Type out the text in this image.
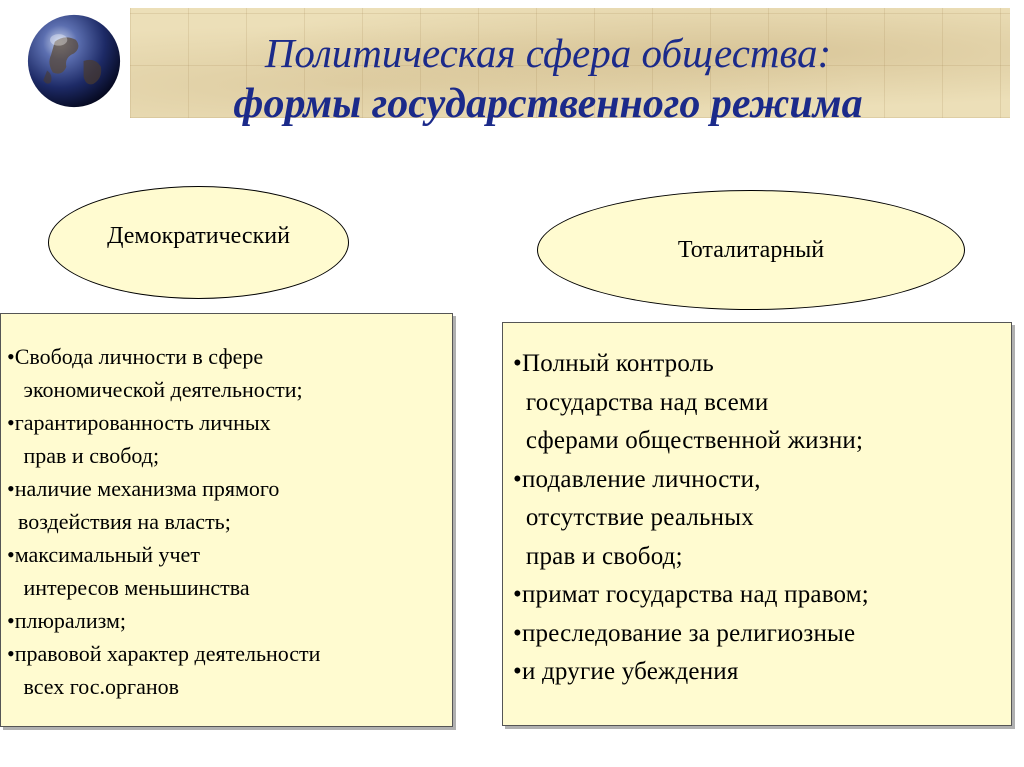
Политическая сфера общества:
формы государственного режима
Демократический
Тоталитарный
•Свобода личности в сфере
экономической деятельности;
•гарантированность личных
прав и свобод;
•наличие механизма прямого
воздействия на власть;
•максимальный учет
интересов меньшинства
•плюрализм;
•правовой характер деятельности
всех гос.органов
•Полный контроль
государства над всеми
сферами общественной жизни;
•подавление личности,
отсутствие реальных
прав и свобод;
•примат государства над правом;
•преследование за религиозные
•и другие убеждения
